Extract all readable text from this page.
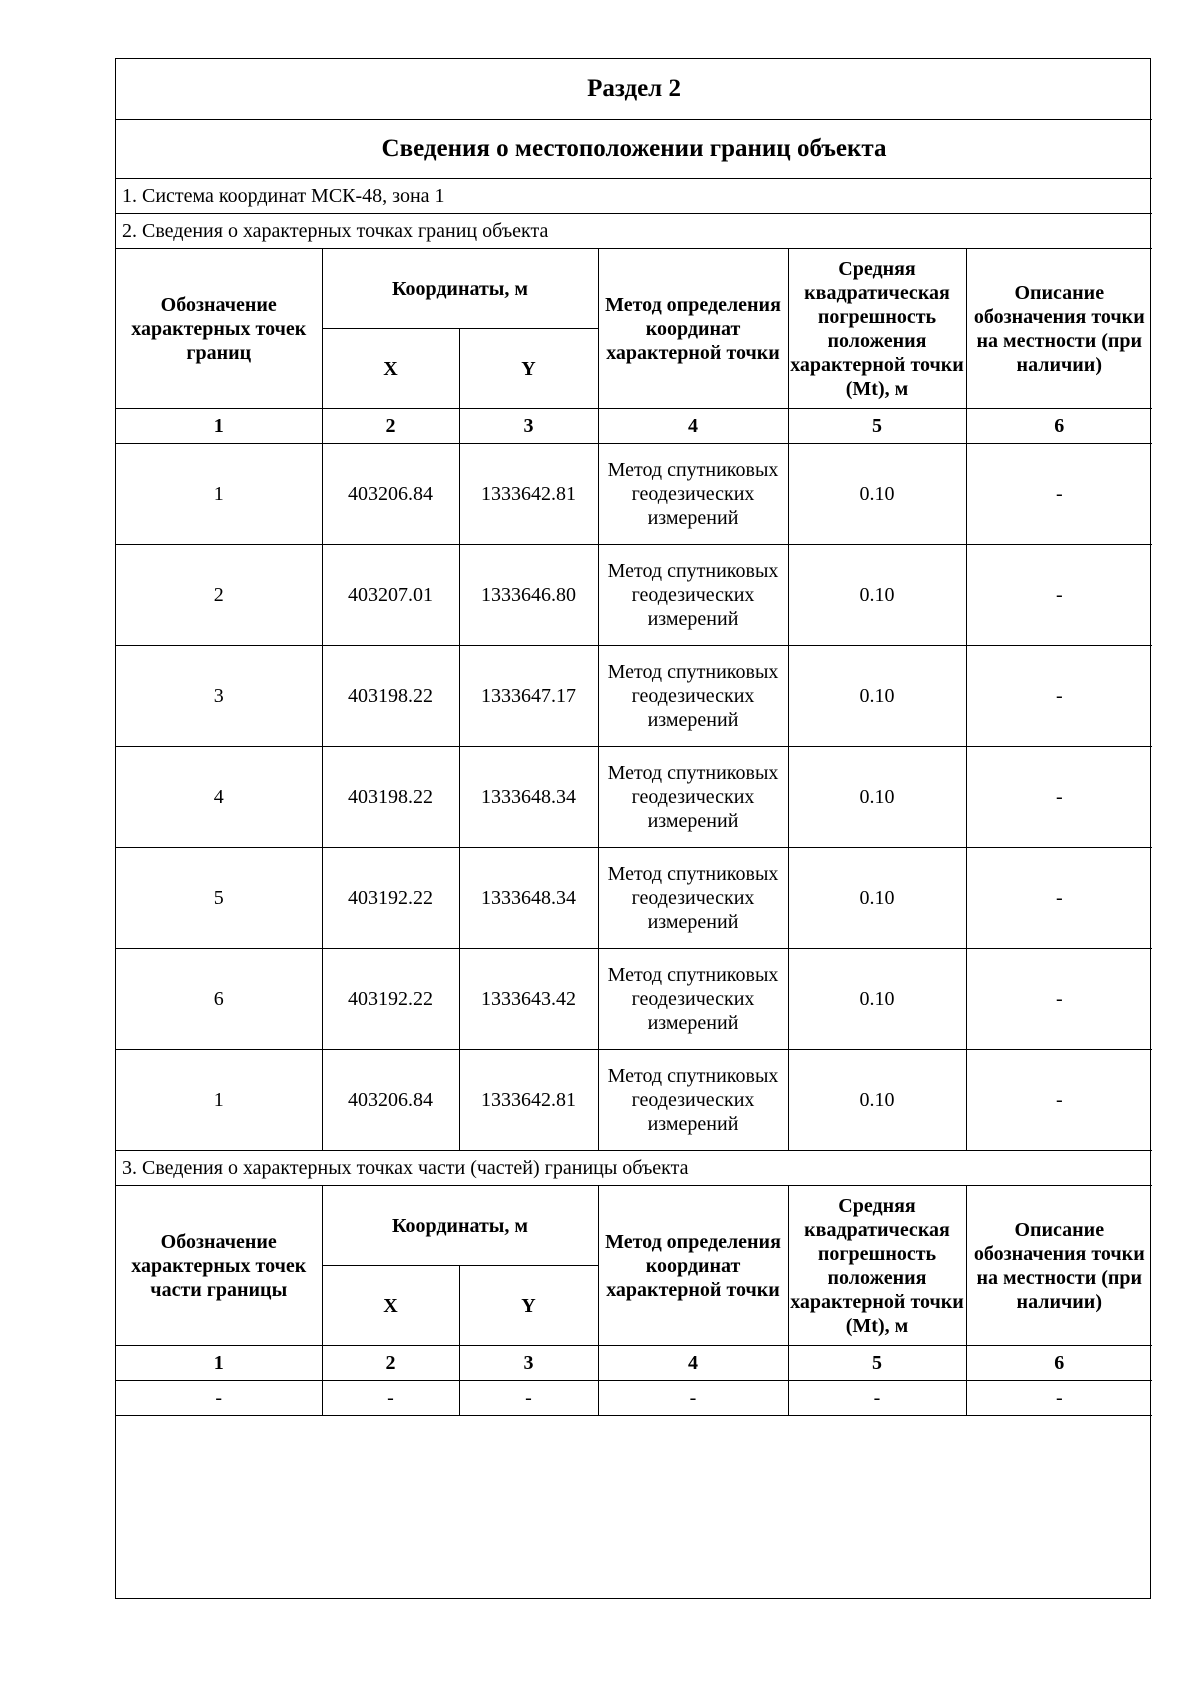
Раздел 2					
Сведения о местоположении границ объекта					
1. Система координат МСК-48, зона 1					
2. Сведения о характерных точках границ объекта					
Обозначение характерных точек границ	Координаты, м		Метод определения координат характерной точки	Средняя квадратическая погрешность положения характерной точки (Mt), м	Описание обозначения точки на местности (при наличии)
	X	Y			
1	2	3	4	5	6
1	403206.84	1333642.81	Метод спутниковых геодезических измерений	0.10	-
2	403207.01	1333646.80	Метод спутниковых геодезических измерений	0.10	-
3	403198.22	1333647.17	Метод спутниковых геодезических измерений	0.10	-
4	403198.22	1333648.34	Метод спутниковых геодезических измерений	0.10	-
5	403192.22	1333648.34	Метод спутниковых геодезических измерений	0.10	-
6	403192.22	1333643.42	Метод спутниковых геодезических измерений	0.10	-
1	403206.84	1333642.81	Метод спутниковых геодезических измерений	0.10	-
3. Сведения о характерных точках части (частей) границы объекта					
Обозначение характерных точек части границы	Координаты, м		Метод определения координат характерной точки	Средняя квадратическая погрешность положения характерной точки (Mt), м	Описание обозначения точки на местности (при наличии)
	X	Y			
1	2	3	4	5	6
-	-	-	-	-	-
